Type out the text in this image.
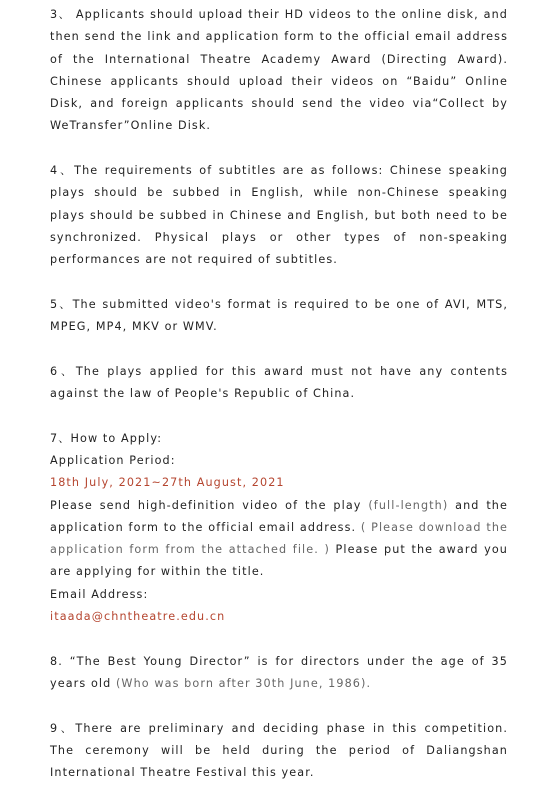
3、 Applicants should upload their HD videos to the online disk, and then send the link and application form to the official email address of the International Theatre Academy Award (Directing Award). Chinese applicants should upload their videos on “Baidu” Online Disk, and foreign applicants should send the video via“Collect by WeTransfer”Online Disk.

4、The requirements of subtitles are as follows: Chinese speaking plays should be subbed in English, while non-Chinese speaking plays should be subbed in Chinese and English, but both need to be synchronized. Physical plays or other types of non-speaking performances are not required of subtitles.

5、The submitted video's format is required to be one of AVI, MTS, MPEG, MP4, MKV or WMV.

6、The plays applied for this award must not have any contents against the law of People's Republic of China.

7、How to Apply:

Application Period:

18th July, 2021~27th August, 2021

Please send high-definition video of the play (full-length) and the application form to the official email address. ( Please download the application form from the attached file. ) Please put the award you are applying for within the title.

Email Address:

itaada@chntheatre.edu.cn

8. “The Best Young Director” is for directors under the age of 35 years old (Who was born after 30th June, 1986).

9、There are preliminary and deciding phase in this competition. The ceremony will be held during the period of Daliangshan International Theatre Festival this year.
